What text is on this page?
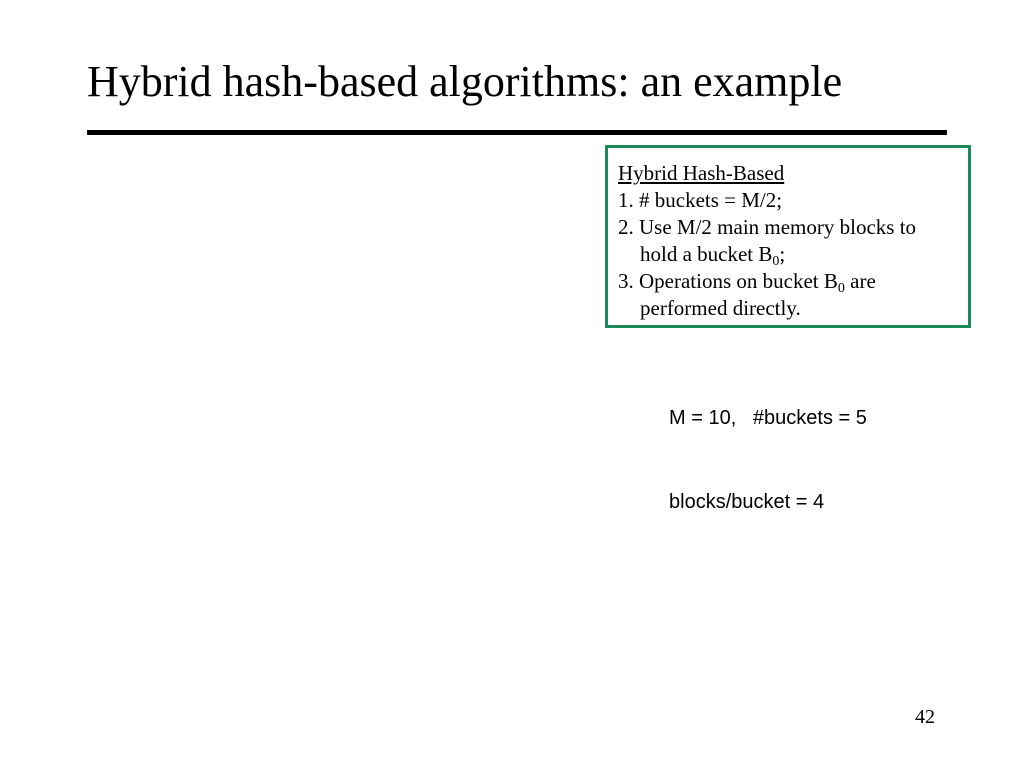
Hybrid hash-based algorithms: an example
Hybrid Hash-Based
1. # buckets = M/2;
2. Use M/2 main memory blocks to
hold a bucket $B_0$;
3. Operations on bucket $B_0$ are
performed directly.

M = 10,   #buckets = 5

blocks/bucket = 4

42
